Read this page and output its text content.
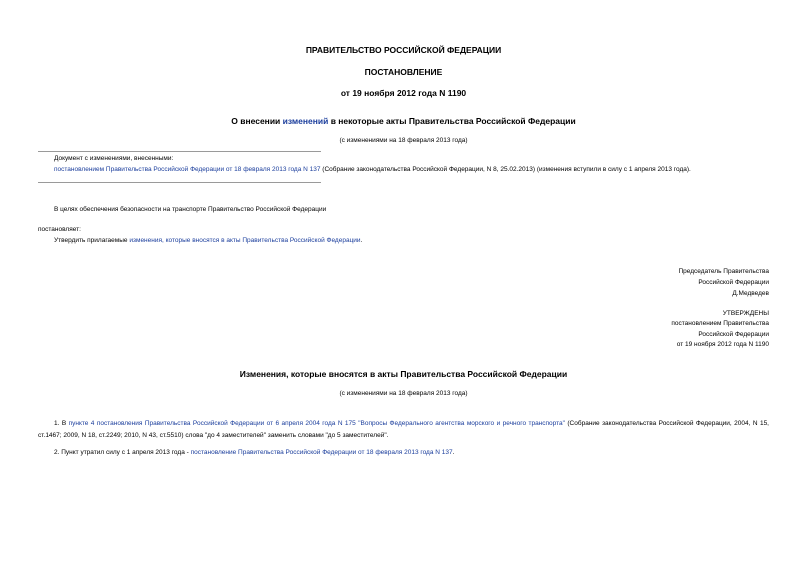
ПРАВИТЕЛЬСТВО РОССИЙСКОЙ ФЕДЕРАЦИИ
ПОСТАНОВЛЕНИЕ
от 19 ноября 2012 года N 1190
О внесении изменений в некоторые акты Правительства Российской Федерации
(с изменениями на 18 февраля 2013 года)
Документ с изменениями, внесенными:
постановлением Правительства Российской Федерации от 18 февраля 2013 года N 137 (Собрание законодательства Российской Федерации, N 8, 25.02.2013) (изменения вступили в силу с 1 апреля 2013 года).
В целях обеспечения безопасности на транспорте Правительство Российской Федерации
постановляет:
Утвердить прилагаемые изменения, которые вносятся в акты Правительства Российской Федерации.
Председатель Правительства
Российской Федерации
Д.Медведев
УТВЕРЖДЕНЫ
постановлением Правительства
Российской Федерации
от 19 ноября 2012 года N 1190
Изменения, которые вносятся в акты Правительства Российской Федерации
(с изменениями на 18 февраля 2013 года)
1. В пункте 4 постановления Правительства Российской Федерации от 6 апреля 2004 года N 175 "Вопросы Федерального агентства морского и речного транспорта" (Собрание законодательства Российской Федерации, 2004, N 15, ст.1467; 2009, N 18, ст.2249; 2010, N 43, ст.5510) слова "до 4 заместителей" заменить словами "до 5 заместителей".
2. Пункт утратил силу с 1 апреля 2013 года - постановление Правительства Российской Федерации от 18 февраля 2013 года N 137.
